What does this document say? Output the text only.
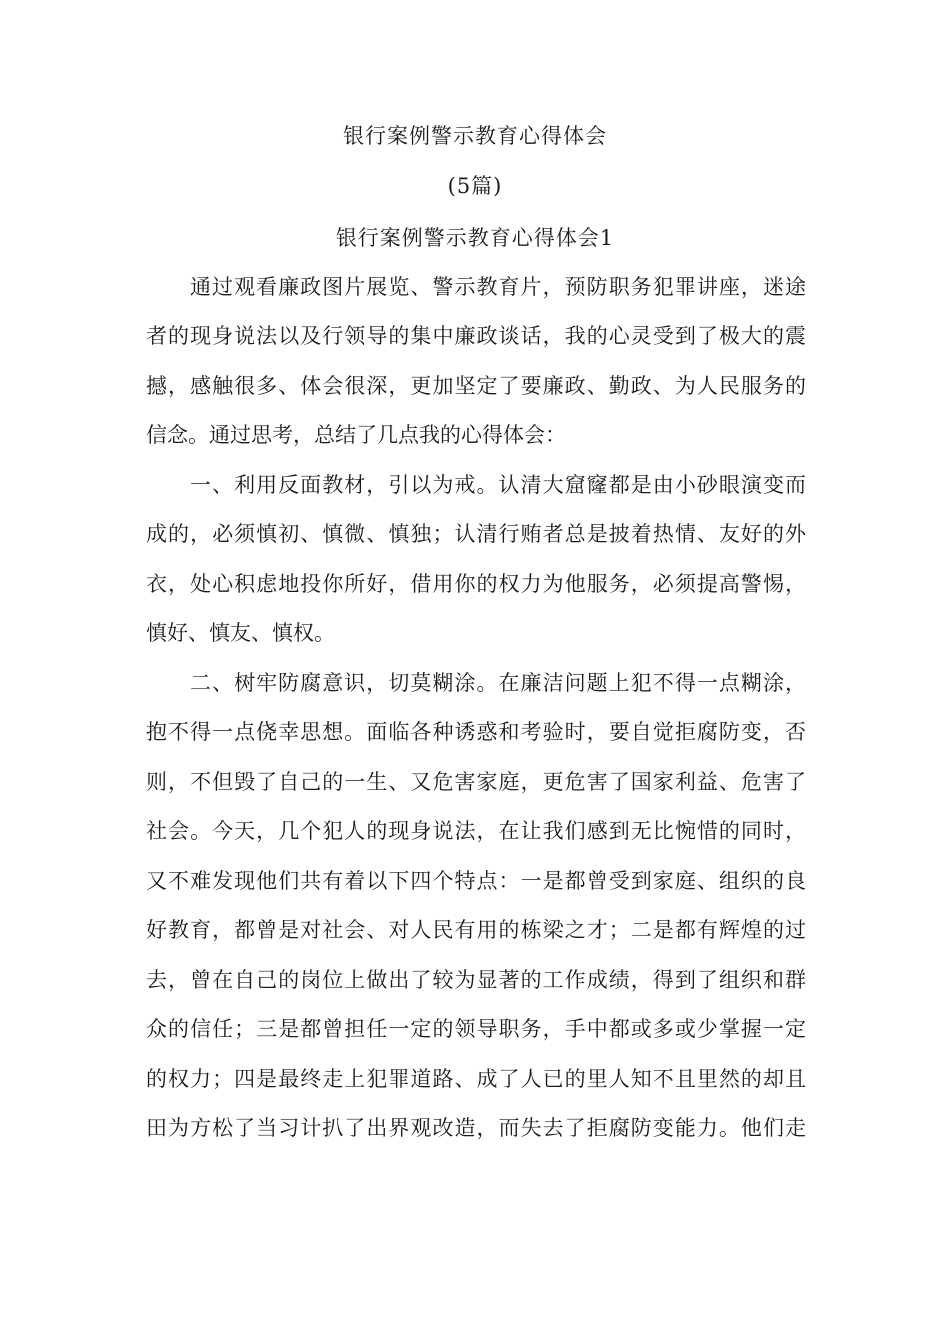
银行案例警示教育心得体会
(5篇)
银行案例警示教育心得体会1
通过观看廉政图片展览、警示教育片，预防职务犯罪讲座，迷途
者的现身说法以及行领导的集中廉政谈话，我的心灵受到了极大的震
撼，感触很多、体会很深，更加坚定了要廉政、勤政、为人民服务的
信念。通过思考，总结了几点我的心得体会：
一、利用反面教材，引以为戒。认清大窟窿都是由小砂眼演变而
成的，必须慎初、慎微、慎独；认清行贿者总是披着热情、友好的外
衣，处心积虑地投你所好，借用你的权力为他服务，必须提高警惕，
慎好、慎友、慎权。
二、树牢防腐意识，切莫糊涂。在廉洁问题上犯不得一点糊涂，
抱不得一点侥幸思想。面临各种诱惑和考验时，要自觉拒腐防变，否
则，不但毁了自己的一生、又危害家庭，更危害了国家利益、危害了
社会。今天，几个犯人的现身说法，在让我们感到无比惋惜的同时，
又不难发现他们共有着以下四个特点：一是都曾受到家庭、组织的良
好教育，都曾是对社会、对人民有用的栋梁之才；二是都有辉煌的过
去，曾在自己的岗位上做出了较为显著的工作成绩，得到了组织和群
众的信任；三是都曾担任一定的领导职务，手中都或多或少掌握一定
的权力；四是最终走上犯罪道路、成了人已的里人知不且里然的却且
田为方松了当习计扒了出界观改造，而失去了拒腐防变能力。他们走
